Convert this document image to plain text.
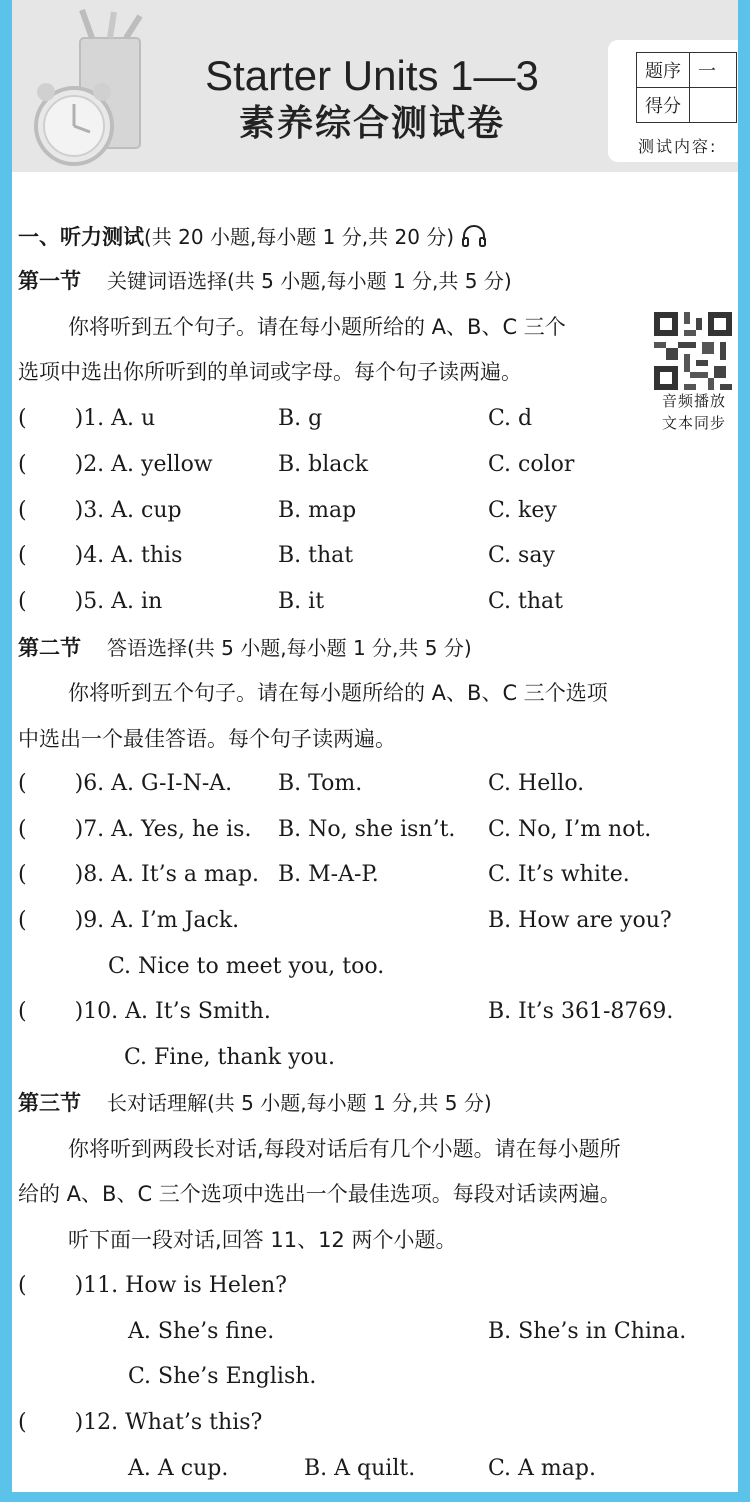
Starter Units 1—3
素养综合测试卷
题序	一
得分	
测试内容:
一、听力测试(共 20 小题,每小题 1 分,共 20 分)
第一节 关键词语选择(共 5 小题,每小题 1 分,共 5 分)
你将听到五个句子。请在每小题所给的 A、B、C 三个
选项中选出你所听到的单词或字母。每个句子读两遍。
音频播放
文本同步
( )1. A. u	B. g	C. d
( )2. A. yellow	B. black	C. color
( )3. A. cup	B. map	C. key
( )4. A. this	B. that	C. say
( )5. A. in	B. it	C. that
第二节 答语选择(共 5 小题,每小题 1 分,共 5 分)
你将听到五个句子。请在每小题所给的 A、B、C 三个选项
中选出一个最佳答语。每个句子读两遍。
( )6. A. G-I-N-A. B. Tom.	C. Hello.
( )7. A. Yes, he is. B. No, she isn’t. C. No, I’m not.
( )8. A. It’s a map. B. M-A-P.	C. It’s white.
( )9. A. I’m Jack.	B. How are you?
C. Nice to meet you, too.
( )10. A. It’s Smith.	B. It’s 361-8769.
C. Fine, thank you.
第三节 长对话理解(共 5 小题,每小题 1 分,共 5 分)
你将听到两段长对话,每段对话后有几个小题。请在每小题所
给的 A、B、C 三个选项中选出一个最佳选项。每段对话读两遍。
听下面一段对话,回答 11、12 两个小题。
( )11. How is Helen?
A. She’s fine.	B. She’s in China.
C. She’s English.
( )12. What’s this?
A. A cup.	B. A quilt.	C. A map.
